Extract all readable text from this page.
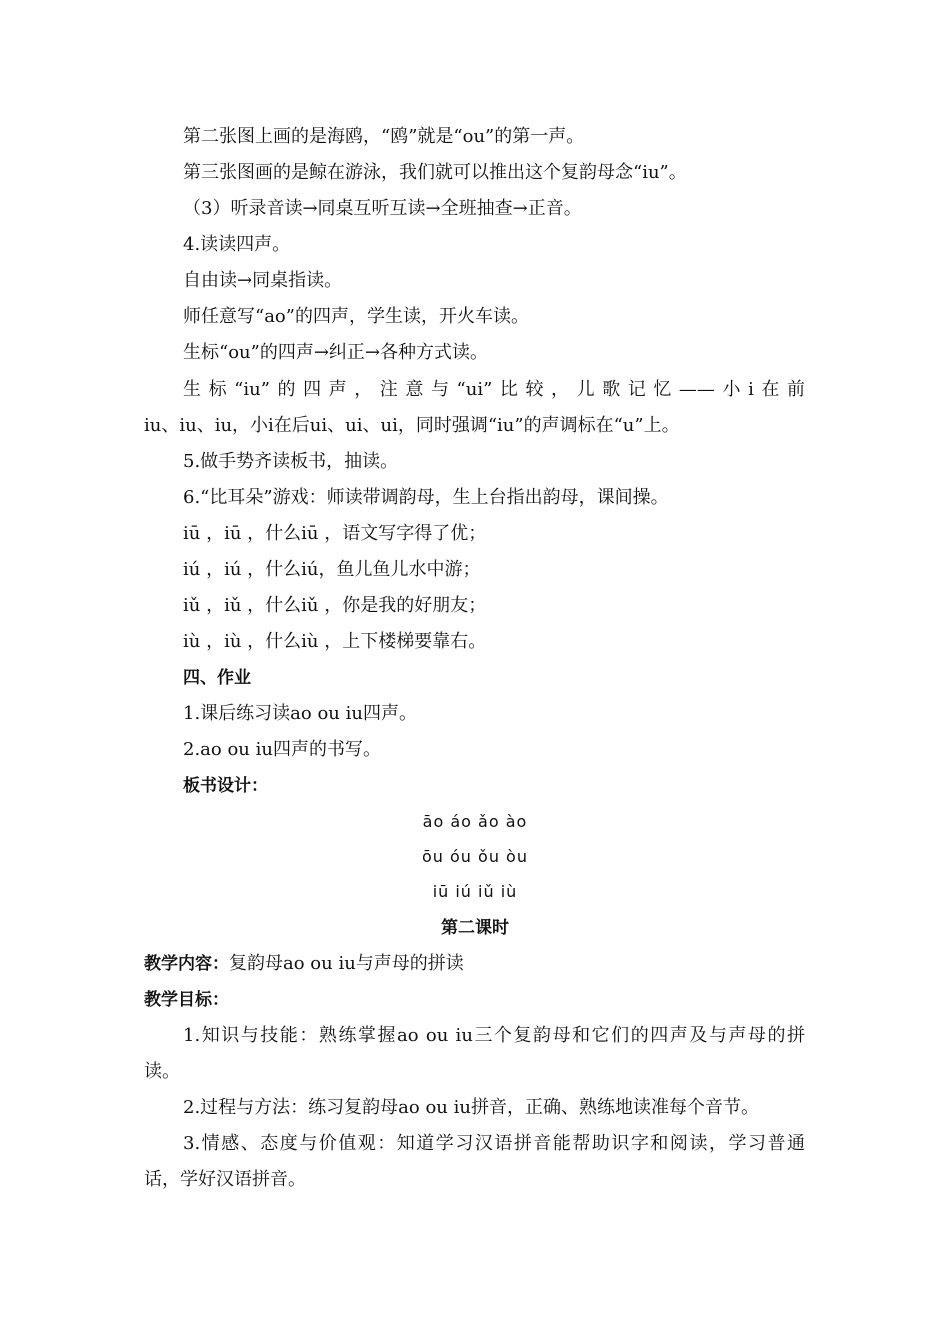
第二张图上画的是海鸥，“鸥”就是“ou”的第一声。
第三张图画的是鲸在游泳，我们就可以推出这个复韵母念“iu”。
（3）听录音读→同桌互听互读→全班抽查→正音。
4.读读四声。
自由读→同桌指读。
师任意写“ao”的四声，学生读，开火车读。
生标“ou”的四声→纠正→各种方式读。
生标“iu”的四声，注意与“ui”比较，儿歌记忆——小i在前
iu、iu、iu，小i在后ui、ui、ui，同时强调“iu”的声调标在“u”上。
5.做手势齐读板书，抽读。
6.“比耳朵”游戏：师读带调韵母，生上台指出韵母，课间操。
iū ，iū ，什么iū ，语文写字得了优；
iú ，iú ，什么iú，鱼儿鱼儿水中游；
iǔ ，iǔ ，什么iǔ ，你是我的好朋友；
iù ，iù ，什么iù ，上下楼梯要靠右。
四、作业
1.课后练习读ao ou iu四声。
2.ao ou iu四声的书写。
板书设计：
āo áo ǎo ào
ōu óu ǒu òu
iū iú iǔ iù
第二课时
教学内容：复韵母ao ou iu与声母的拼读
教学目标：
1.知识与技能：熟练掌握ao ou iu三个复韵母和它们的四声及与声母的拼
读。
2.过程与方法：练习复韵母ao ou iu拼音，正确、熟练地读准每个音节。
3.情感、态度与价值观：知道学习汉语拼音能帮助识字和阅读，学习普通
话，学好汉语拼音。
